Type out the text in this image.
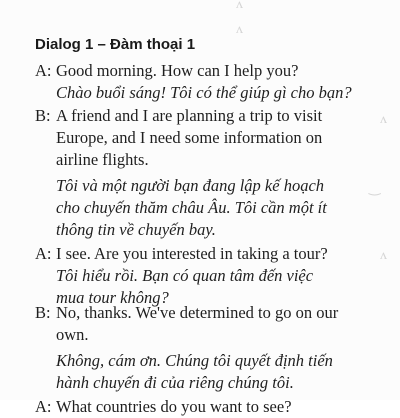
ʌ
ʌ
ʌ
‿
ʌ
Dialog 1 – Đàm thoại 1
A: Good morning. How can I help you?
Chào buổi sáng! Tôi có thể giúp gì cho bạn?
B: A friend and I are planning a trip to visit
Europe, and I need some information on
airline flights.
Tôi và một người bạn đang lập kế hoạch
cho chuyến thăm châu Âu. Tôi cần một ít
thông tin về chuyến bay.
A: I see. Are you interested in taking a tour?
Tôi hiểu rồi. Bạn có quan tâm đến việc
mua tour không?
B: No, thanks. We've determined to go on our
own.
Không, cám ơn. Chúng tôi quyết định tiến
hành chuyến đi của riêng chúng tôi.
A: What countries do you want to see?
